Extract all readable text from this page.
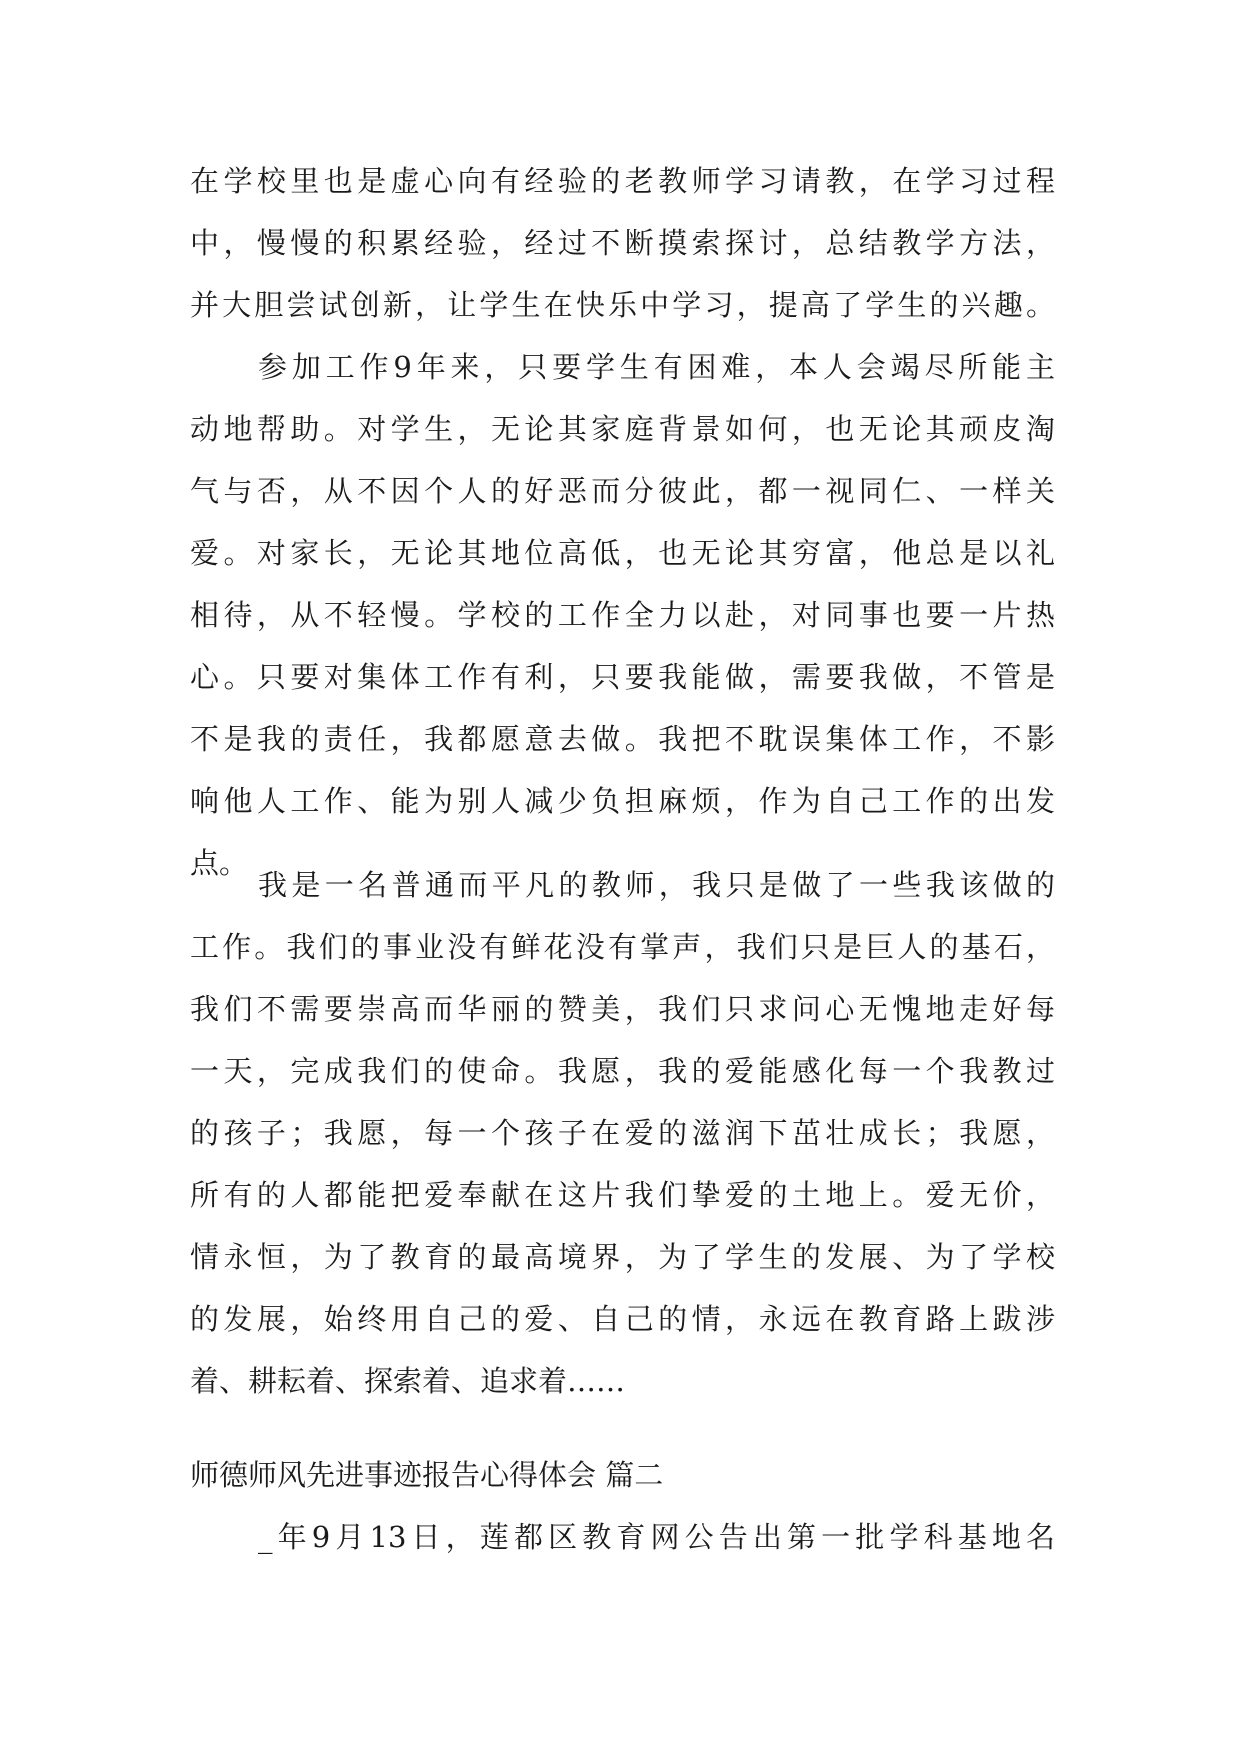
在学校里也是虚心向有经验的老教师学习请教，在学习过程
中，慢慢的积累经验，经过不断摸索探讨，总结教学方法，
并大胆尝试创新，让学生在快乐中学习，提高了学生的兴趣。
参加工作9年来，只要学生有困难，本人会竭尽所能主
动地帮助。对学生，无论其家庭背景如何，也无论其顽皮淘
气与否，从不因个人的好恶而分彼此，都一视同仁、一样关
爱。对家长，无论其地位高低，也无论其穷富，他总是以礼
相待，从不轻慢。学校的工作全力以赴，对同事也要一片热
心。只要对集体工作有利，只要我能做，需要我做，不管是
不是我的责任，我都愿意去做。我把不耽误集体工作，不影
响他人工作、能为别人减少负担麻烦，作为自己工作的出发
点。
我是一名普通而平凡的教师，我只是做了一些我该做的
工作。我们的事业没有鲜花没有掌声，我们只是巨人的基石，
我们不需要崇高而华丽的赞美，我们只求问心无愧地走好每
一天，完成我们的使命。我愿，我的爱能感化每一个我教过
的孩子；我愿，每一个孩子在爱的滋润下茁壮成长；我愿，
所有的人都能把爱奉献在这片我们挚爱的土地上。爱无价，
情永恒，为了教育的最高境界，为了学生的发展、为了学校
的发展，始终用自己的爱、自己的情，永远在教育路上跋涉
着、耕耘着、探索着、追求着……
师德师风先进事迹报告心得体会 篇二
_年9月13日，莲都区教育网公告出第一批学科基地名
